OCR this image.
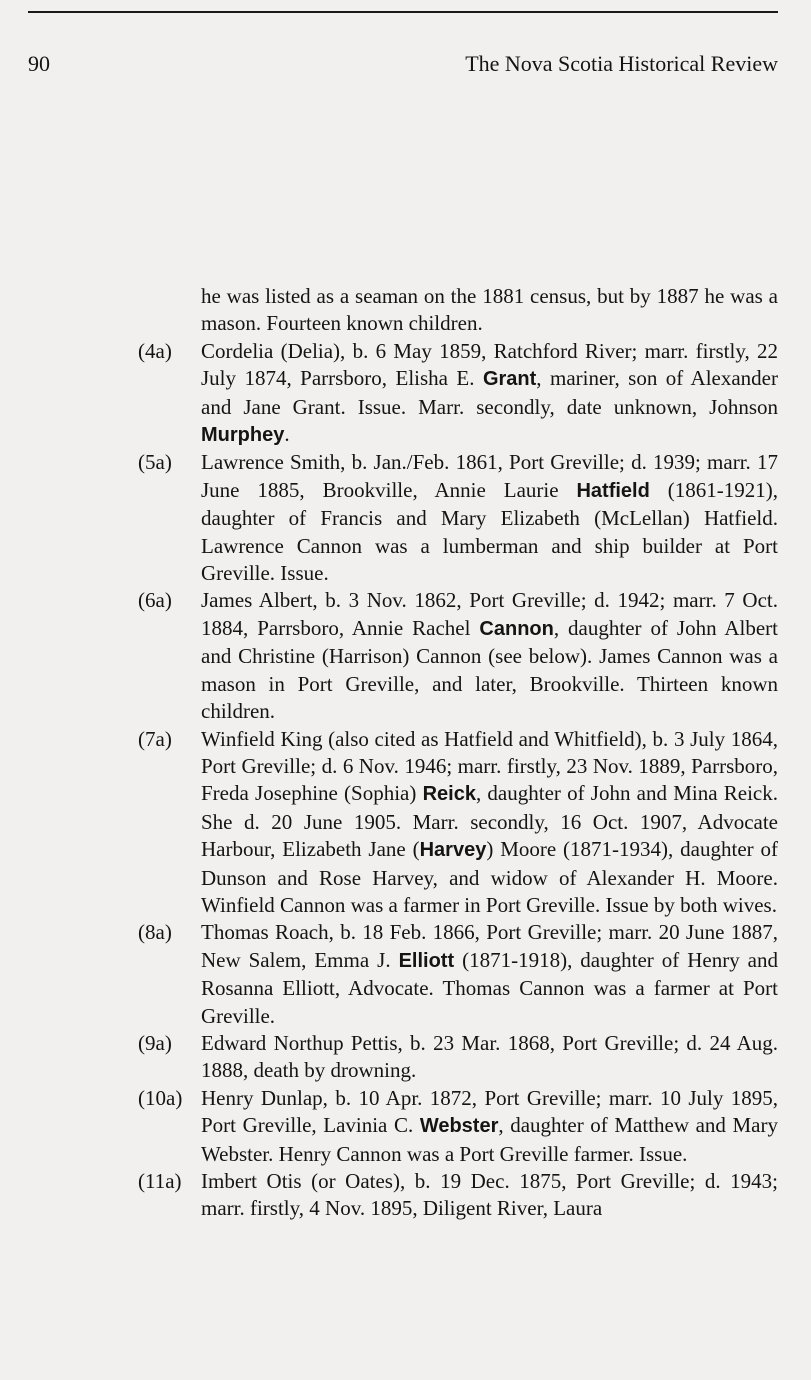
90	The Nova Scotia Historical Review
he was listed as a seaman on the 1881 census, but by 1887 he was a mason. Fourteen known children.
(4a)	Cordelia (Delia), b. 6 May 1859, Ratchford River; marr. firstly, 22 July 1874, Parrsboro, Elisha E. Grant, mariner, son of Alexander and Jane Grant. Issue. Marr. secondly, date unknown, Johnson Murphey.
(5a)	Lawrence Smith, b. Jan./Feb. 1861, Port Greville; d. 1939; marr. 17 June 1885, Brookville, Annie Laurie Hatfield (1861-1921), daughter of Francis and Mary Elizabeth (McLellan) Hatfield. Lawrence Cannon was a lumberman and ship builder at Port Greville. Issue.
(6a)	James Albert, b. 3 Nov. 1862, Port Greville; d. 1942; marr. 7 Oct. 1884, Parrsboro, Annie Rachel Cannon, daughter of John Albert and Christine (Harrison) Cannon (see below). James Cannon was a mason in Port Greville, and later, Brookville. Thirteen known children.
(7a)	Winfield King (also cited as Hatfield and Whitfield), b. 3 July 1864, Port Greville; d. 6 Nov. 1946; marr. firstly, 23 Nov. 1889, Parrsboro, Freda Josephine (Sophia) Reick, daughter of John and Mina Reick. She d. 20 June 1905. Marr. secondly, 16 Oct. 1907, Advocate Harbour, Elizabeth Jane (Harvey) Moore (1871-1934), daughter of Dunson and Rose Harvey, and widow of Alexander H. Moore. Winfield Cannon was a farmer in Port Greville. Issue by both wives.
(8a)	Thomas Roach, b. 18 Feb. 1866, Port Greville; marr. 20 June 1887, New Salem, Emma J. Elliott (1871-1918), daughter of Henry and Rosanna Elliott, Advocate. Thomas Cannon was a farmer at Port Greville.
(9a)	Edward Northup Pettis, b. 23 Mar. 1868, Port Greville; d. 24 Aug. 1888, death by drowning.
(10a) Henry Dunlap, b. 10 Apr. 1872, Port Greville; marr. 10 July 1895, Port Greville, Lavinia C. Webster, daughter of Matthew and Mary Webster. Henry Cannon was a Port Greville farmer. Issue.
(11a) Imbert Otis (or Oates), b. 19 Dec. 1875, Port Greville; d. 1943; marr. firstly, 4 Nov. 1895, Diligent River, Laura
